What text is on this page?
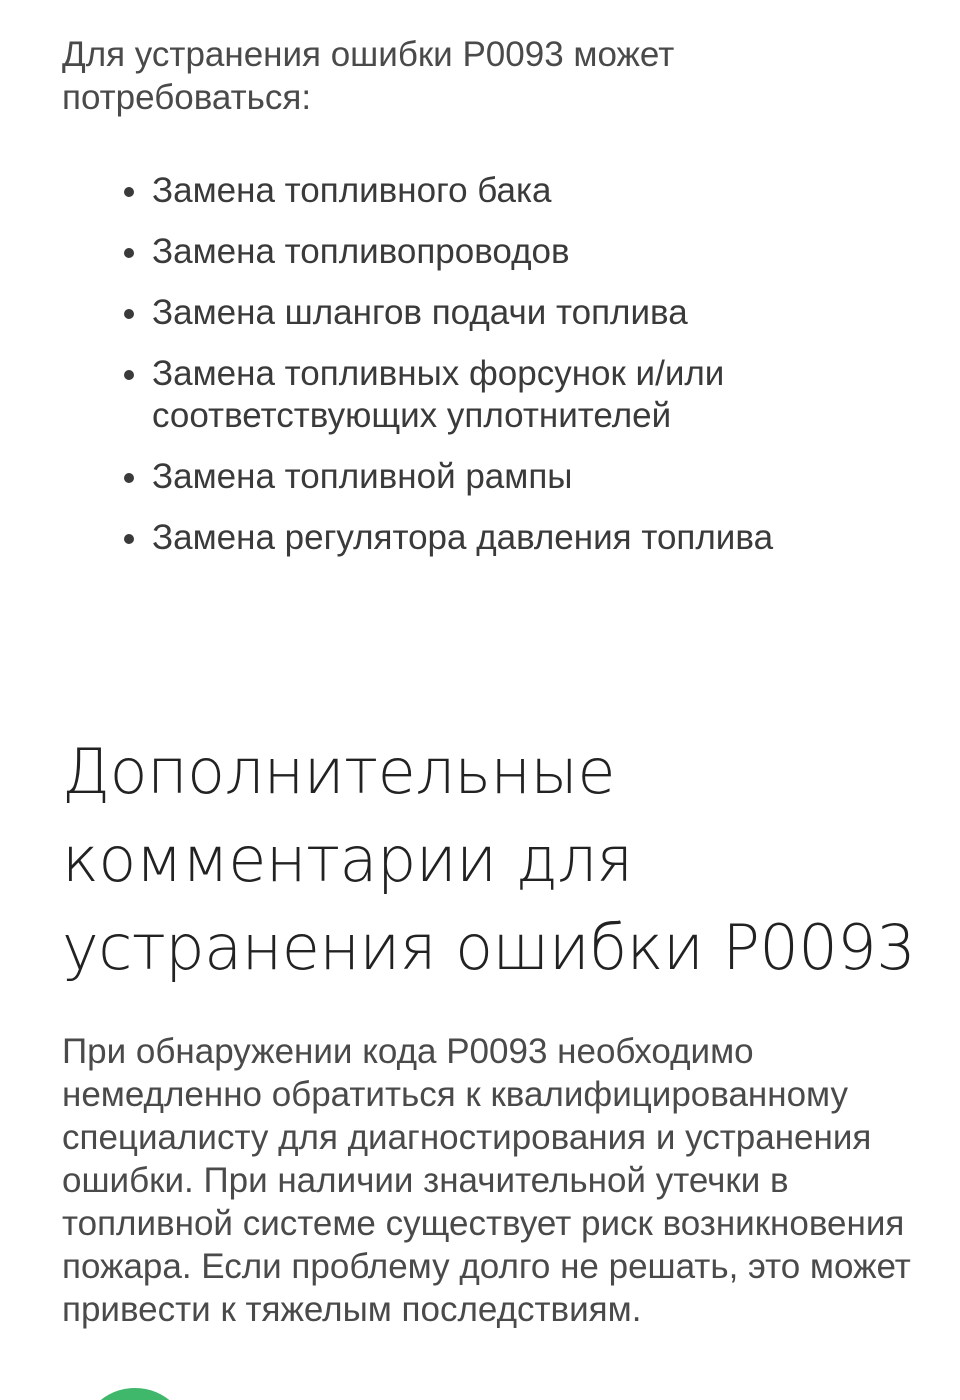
Для устранения ошибки P0093 может потребоваться:

Замена топливного бака
Замена топливопроводов
Замена шлангов подачи топлива
Замена топливных форсунок и/или соответствующих уплотнителей
Замена топливной рампы
Замена регулятора давления топлива
Дополнительные комментарии для устранения ошибки P0093

При обнаружении кода P0093 необходимо немедленно обратиться к квалифицированному специалисту для диагностирования и устранения ошибки. При наличии значительной утечки в топливной системе существует риск возникновения пожара. Если проблему долго не решать, это может привести к тяжелым последствиям.
